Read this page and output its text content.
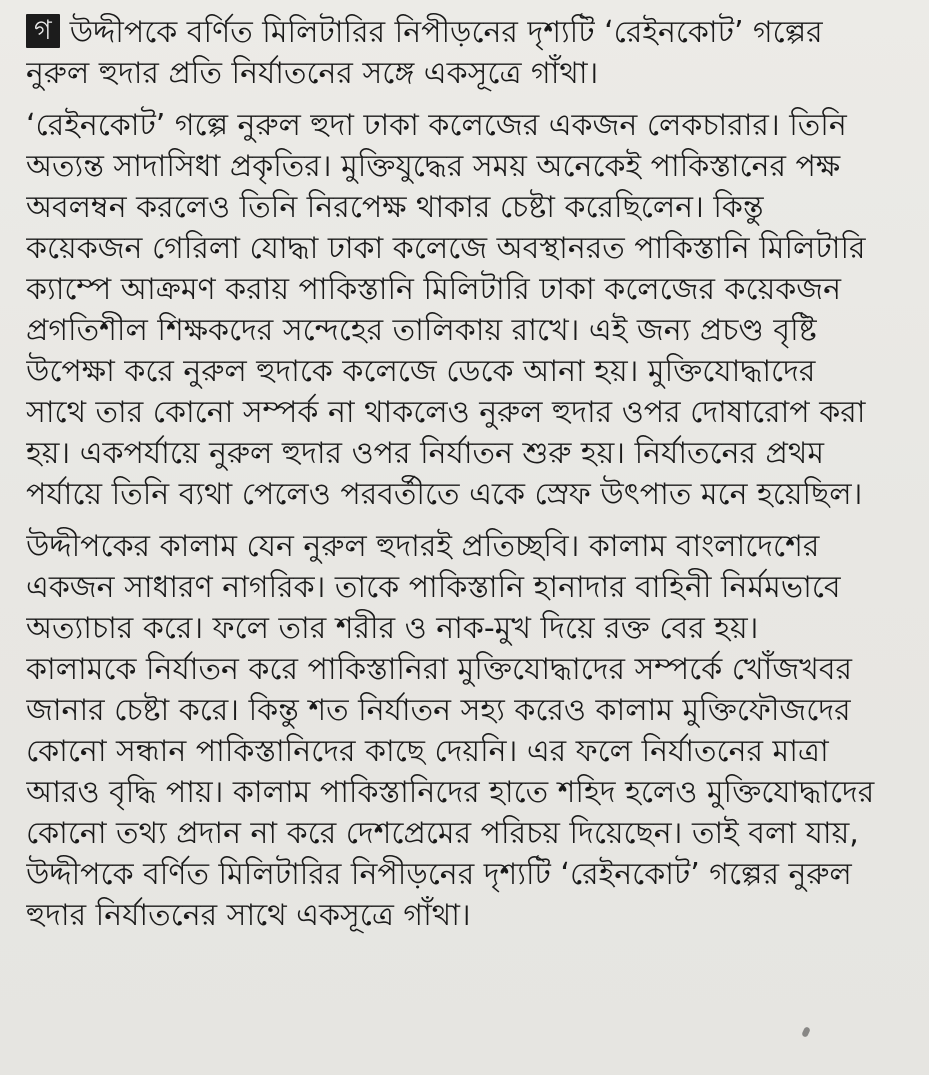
গ উদ্দীপকে বর্ণিত মিলিটারির নিপীড়নের দৃশ্যটি ‘রেইনকোট’ গল্পের
নুরুল হুদার প্রতি নির্যাতনের সঙ্গে একসূত্রে গাঁথা।
‘রেইনকোট’ গল্পে নুরুল হুদা ঢাকা কলেজের একজন লেকচারার। তিনি
অত্যন্ত সাদাসিধা প্রকৃতির। মুক্তিযুদ্ধের সময় অনেকেই পাকিস্তানের পক্ষ
অবলম্বন করলেও তিনি নিরপেক্ষ থাকার চেষ্টা করেছিলেন। কিন্তু
কয়েকজন গেরিলা যোদ্ধা ঢাকা কলেজে অবস্থানরত পাকিস্তানি মিলিটারি
ক্যাম্পে আক্রমণ করায় পাকিস্তানি মিলিটারি ঢাকা কলেজের কয়েকজন
প্রগতিশীল শিক্ষকদের সন্দেহের তালিকায় রাখে। এই জন্য প্রচণ্ড বৃষ্টি
উপেক্ষা করে নুরুল হুদাকে কলেজে ডেকে আনা হয়। মুক্তিযোদ্ধাদের
সাথে তার কোনো সম্পর্ক না থাকলেও নুরুল হুদার ওপর দোষারোপ করা
হয়। একপর্যায়ে নুরুল হুদার ওপর নির্যাতন শুরু হয়। নির্যাতনের প্রথম
পর্যায়ে তিনি ব্যথা পেলেও পরবর্তীতে একে স্রেফ উৎপাত মনে হয়েছিল।
উদ্দীপকের কালাম যেন নুরুল হুদারই প্রতিচ্ছবি। কালাম বাংলাদেশের
একজন সাধারণ নাগরিক। তাকে পাকিস্তানি হানাদার বাহিনী নির্মমভাবে
অত্যাচার করে। ফলে তার শরীর ও নাক-মুখ দিয়ে রক্ত বের হয়।
কালামকে নির্যাতন করে পাকিস্তানিরা মুক্তিযোদ্ধাদের সম্পর্কে খোঁজখবর
জানার চেষ্টা করে। কিন্তু শত নির্যাতন সহ্য করেও কালাম মুক্তিফৌজদের
কোনো সন্ধান পাকিস্তানিদের কাছে দেয়নি। এর ফলে নির্যাতনের মাত্রা
আরও বৃদ্ধি পায়। কালাম পাকিস্তানিদের হাতে শহিদ হলেও মুক্তিযোদ্ধাদের
কোনো তথ্য প্রদান না করে দেশপ্রেমের পরিচয় দিয়েছেন। তাই বলা যায়,
উদ্দীপকে বর্ণিত মিলিটারির নিপীড়নের দৃশ্যটি ‘রেইনকোট’ গল্পের নুরুল
হুদার নির্যাতনের সাথে একসূত্রে গাঁথা।
